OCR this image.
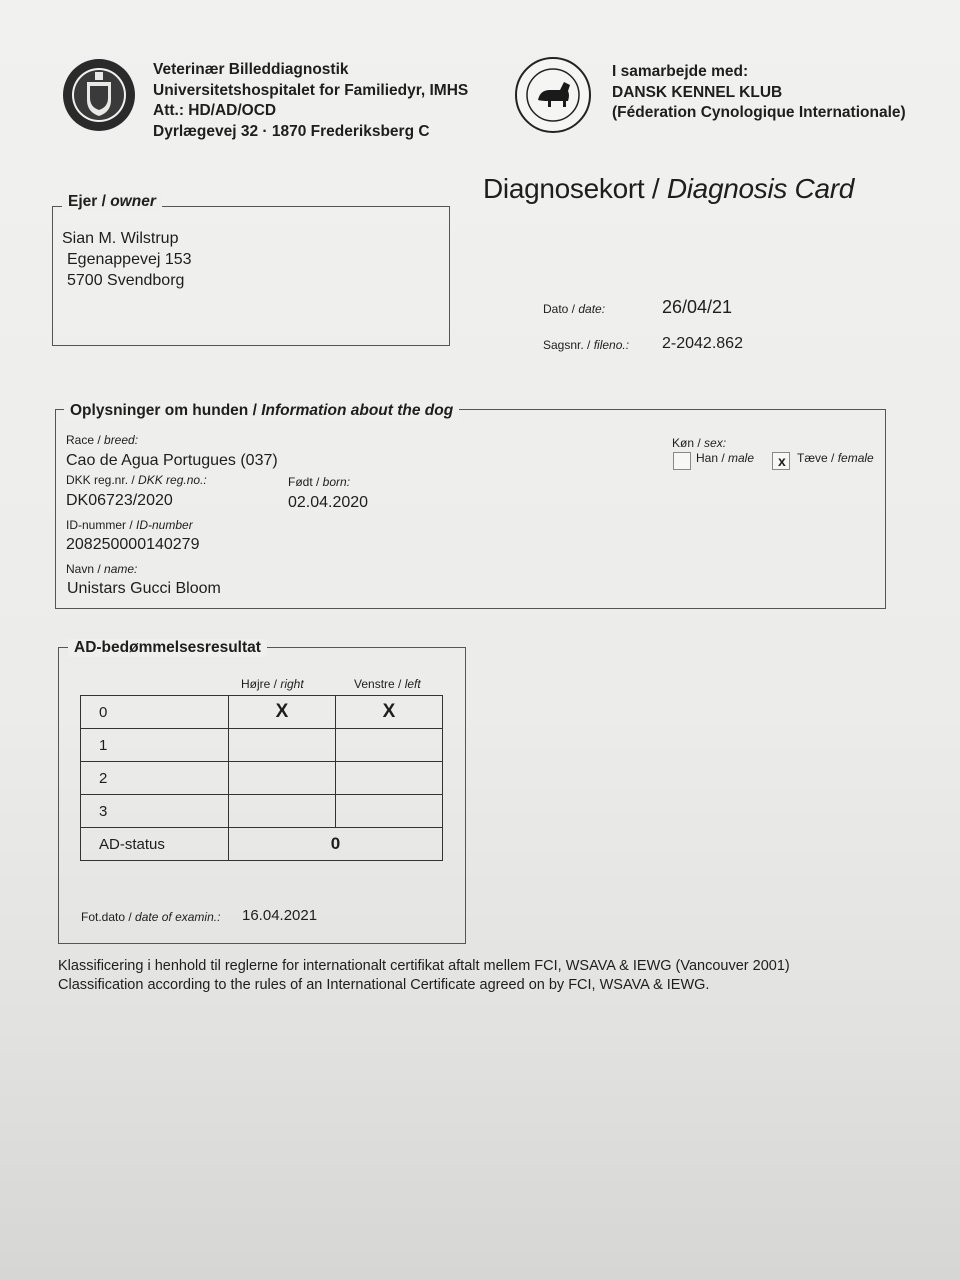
Veterinær Billeddiagnostik
Universitetshospitalet for Familiedyr, IMHS
Att.: HD/AD/OCD
Dyrlægevej 32 · 1870 Frederiksberg C
I samarbejde med:
DANSK KENNEL KLUB
(Féderation Cynologique Internationale)
Diagnosekort / Diagnosis Card
Ejer / owner
Sian M. Wilstrup
Egenappevej 153
5700 Svendborg
Dato / date:	26/04/21
Sagsnr. / fileno.: 2-2042.862
Oplysninger om hunden / Information about the dog
Race / breed:
Cao de Agua Portugues (037)
DKK reg.nr. / DKK reg.no.:
DK06723/2020
Født / born:
02.04.2020
ID-nummer / ID-number
208250000140279
Navn / name:
Unistars Gucci Bloom
Køn / sex:
Han / male x Tæve / female
AD-bedømmelsesresultat
Højre / right	Venstre / left
0	X	X
1		
2		
3		
AD-status	0	
Fot.dato / date of examin.: 16.04.2021
Klassificering i henhold til reglerne for internationalt certifikat aftalt mellem FCI, WSAVA & IEWG (Vancouver 2001)
Classification according to the rules of an International Certificate agreed on by FCI, WSAVA & IEWG.
